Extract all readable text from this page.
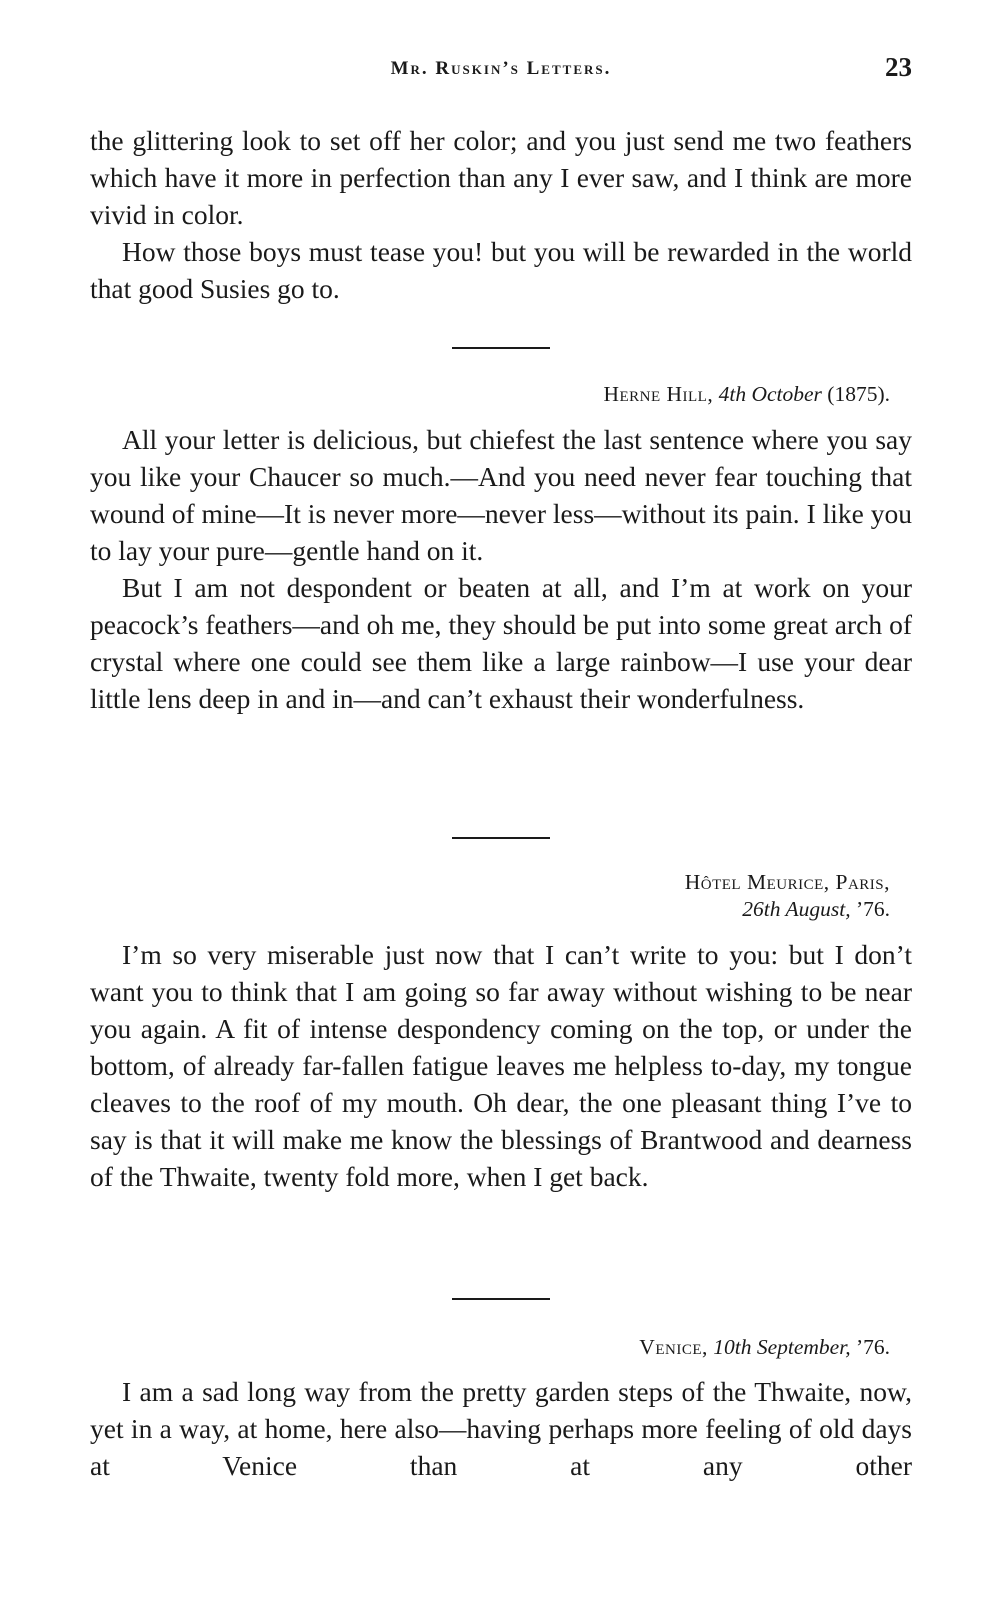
Mr. Ruskin’s Letters.	23

the glittering look to set off her color; and you just send me two feathers which have it more in perfection than any I ever saw, and I think are more vivid in color.

How those boys must tease you! but you will be rewarded in the world that good Susies go to.

Herne Hill, 4th October (1875).

All your letter is delicious, but chiefest the last sentence where you say you like your Chaucer so much.—And you need never fear touching that wound of mine—It is never more—never less—without its pain. I like you to lay your pure—gentle hand on it.

But I am not despondent or beaten at all, and I’m at work on your peacock’s feathers—and oh me, they should be put into some great arch of crystal where one could see them like a large rainbow—I use your dear little lens deep in and in—and can’t exhaust their wonderfulness.

Hôtel Meurice, Paris,
26th August, ’76.

I’m so very miserable just now that I can’t write to you: but I don’t want you to think that I am going so far away without wishing to be near you again. A fit of intense despondency coming on the top, or under the bottom, of already far-fallen fatigue leaves me helpless to-day, my tongue cleaves to the roof of my mouth. Oh dear, the one pleasant thing I’ve to say is that it will make me know the blessings of Brantwood and dearness of the Thwaite, twenty fold more, when I get back.

Venice, 10th September, ’76.

I am a sad long way from the pretty garden steps of the Thwaite, now, yet in a way, at home, here also—having perhaps more feeling of old days at Venice than at any other
